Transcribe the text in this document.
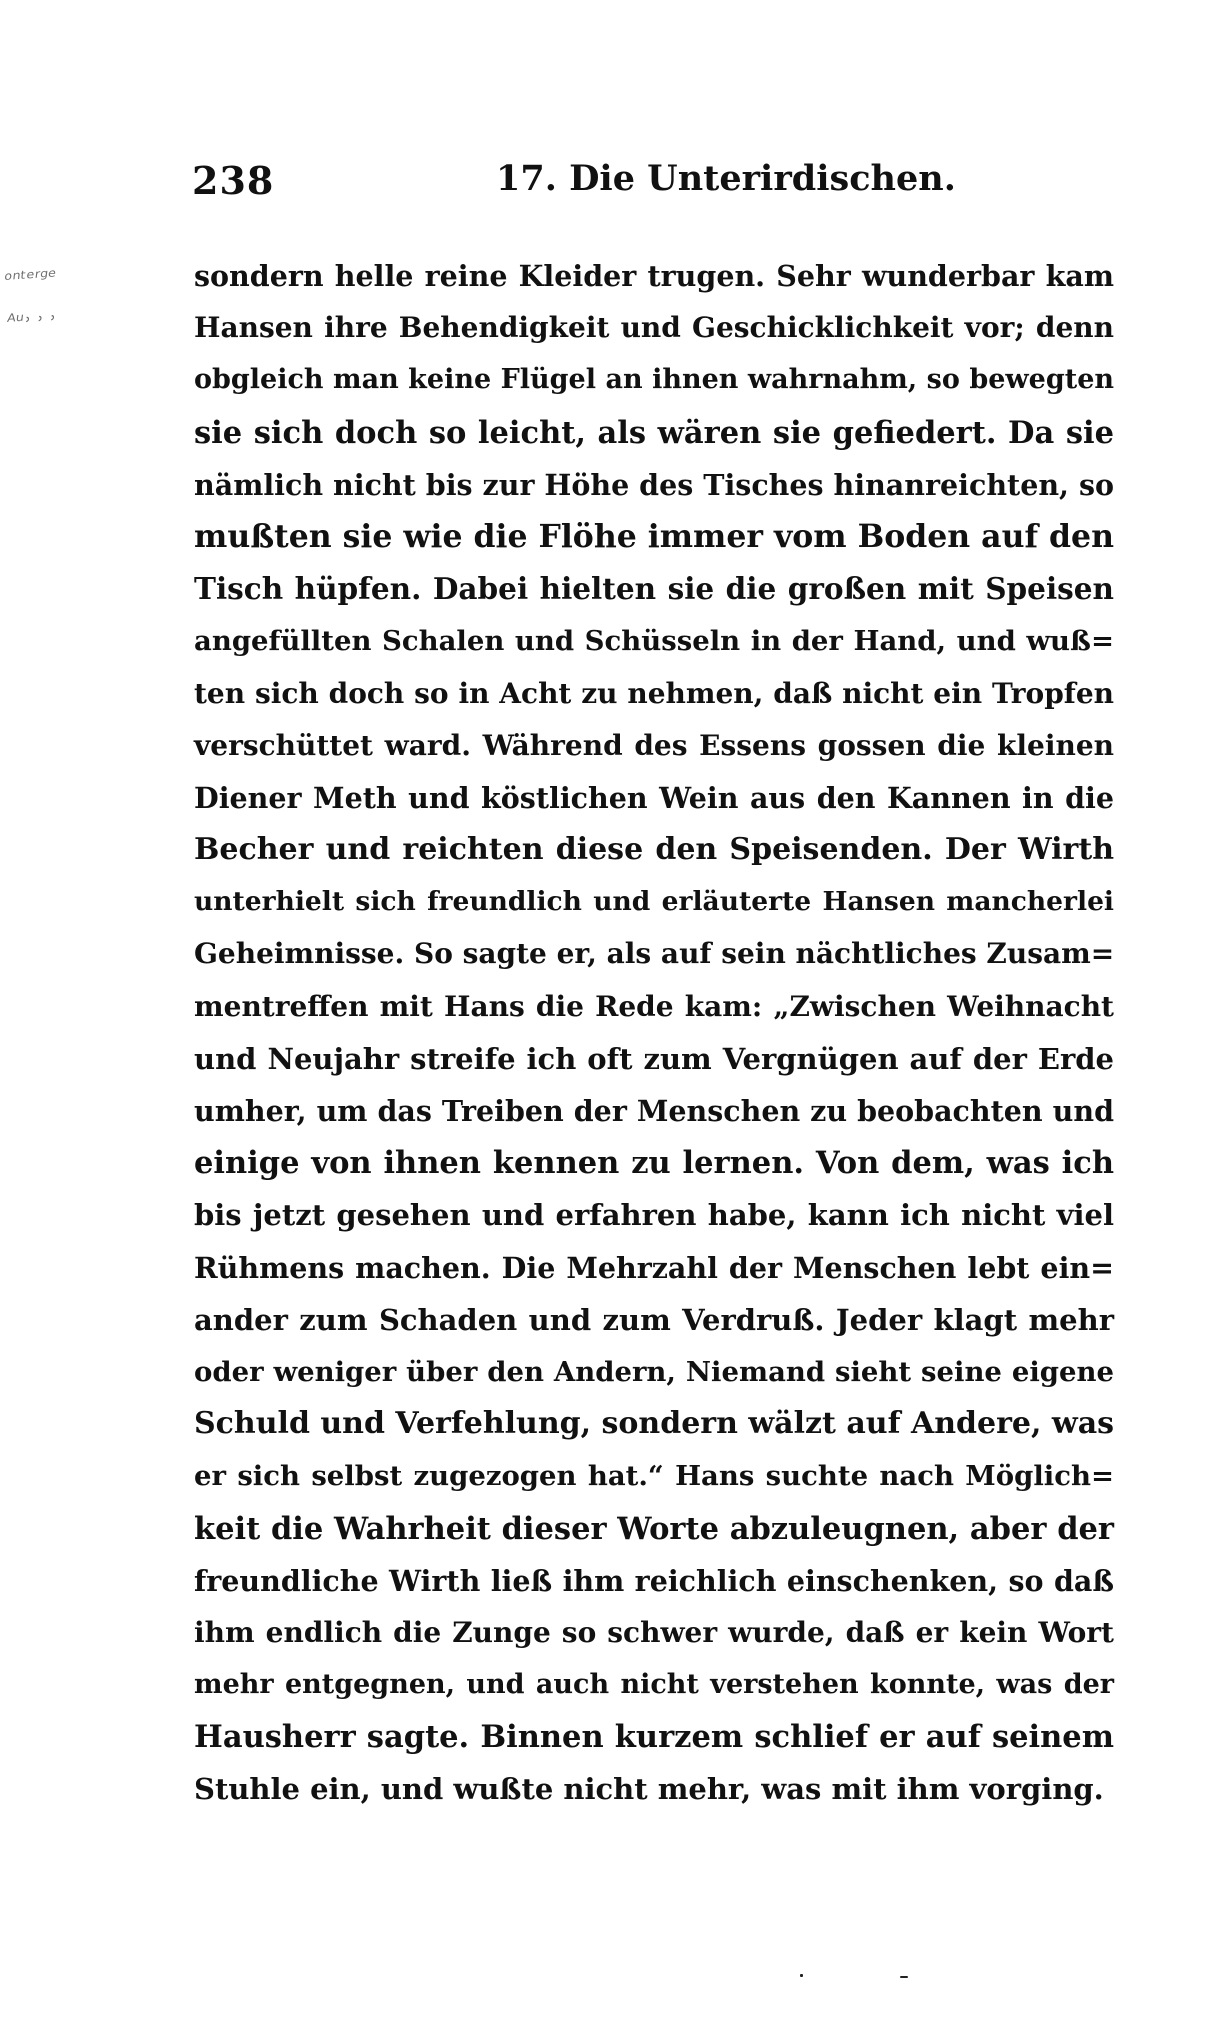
238	17. Die Unterirdischen.
ᵒⁿᵗᵉʳᵍᵉ
ᴬᵘ˒ ˒ ˒
sondern helle reine Kleider trugen. Sehr wunderbar kam
Hansen ihre Behendigkeit und Geschicklichkeit vor; denn
obgleich man keine Flügel an ihnen wahrnahm, so bewegten
sie sich doch so leicht, als wären sie gefiedert. Da sie
nämlich nicht bis zur Höhe des Tisches hinanreichten, so
mußten sie wie die Flöhe immer vom Boden auf den
Tisch hüpfen. Dabei hielten sie die großen mit Speisen
angefüllten Schalen und Schüsseln in der Hand, und wuß=
ten sich doch so in Acht zu nehmen, daß nicht ein Tropfen
verschüttet ward. Während des Essens gossen die kleinen
Diener Meth und köstlichen Wein aus den Kannen in die
Becher und reichten diese den Speisenden. Der Wirth
unterhielt sich freundlich und erläuterte Hansen mancherlei
Geheimnisse. So sagte er, als auf sein nächtliches Zusam=
mentreffen mit Hans die Rede kam: „Zwischen Weihnacht
und Neujahr streife ich oft zum Vergnügen auf der Erde
umher, um das Treiben der Menschen zu beobachten und
einige von ihnen kennen zu lernen. Von dem, was ich
bis jetzt gesehen und erfahren habe, kann ich nicht viel
Rühmens machen. Die Mehrzahl der Menschen lebt ein=
ander zum Schaden und zum Verdruß. Jeder klagt mehr
oder weniger über den Andern, Niemand sieht seine eigene
Schuld und Verfehlung, sondern wälzt auf Andere, was
er sich selbst zugezogen hat.“ Hans suchte nach Möglich=
keit die Wahrheit dieser Worte abzuleugnen, aber der
freundliche Wirth ließ ihm reichlich einschenken, so daß
ihm endlich die Zunge so schwer wurde, daß er kein Wort
mehr entgegnen, und auch nicht verstehen konnte, was der
Hausherr sagte. Binnen kurzem schlief er auf seinem
Stuhle ein, und wußte nicht mehr, was mit ihm vorging.
